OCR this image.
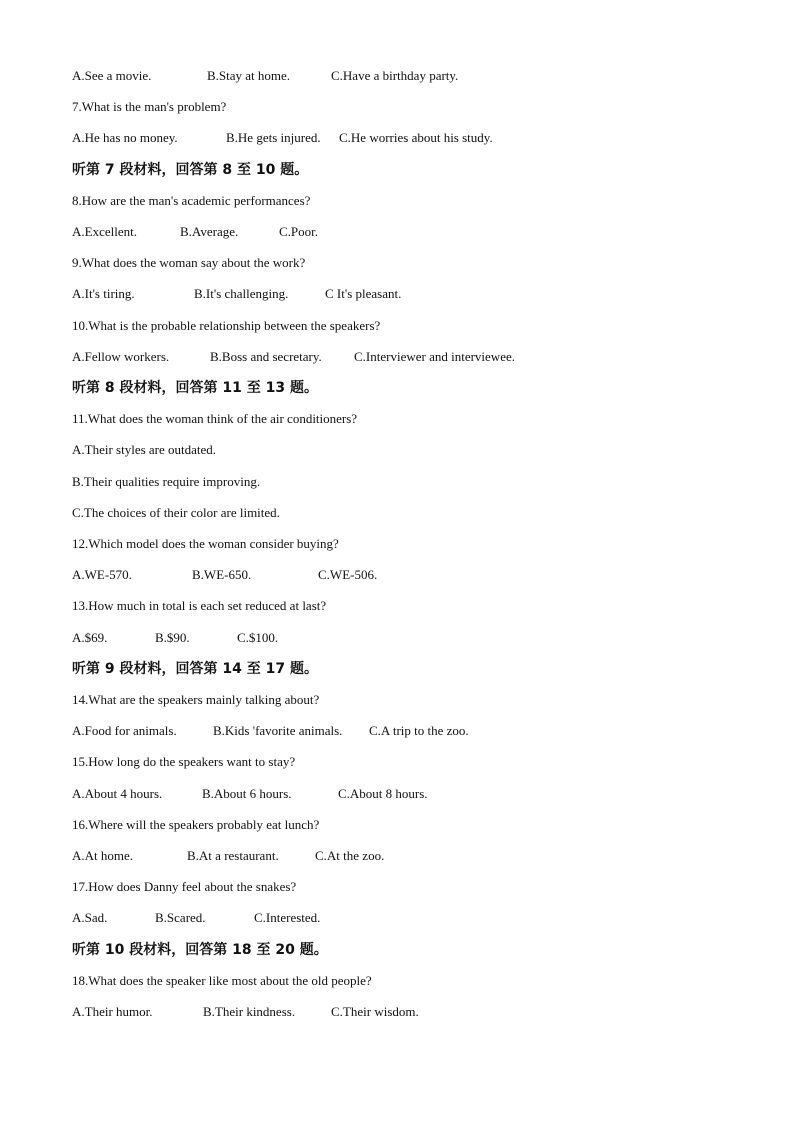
A.See a movie.	B.Stay at home.	C.Have a birthday party.
7.What is the man's problem?
A.He has no money.	B.He gets injured. C.He worries about his study.
听第 7 段材料，回答第 8 至 10 题。
8.How are the man's academic performances?
A.Excellent.	B.Average.	C.Poor.
9.What does the woman say about the work?
A.It's tiring.	B.It's challenging.	C It's pleasant.
10.What is the probable relationship between the speakers?
A.Fellow workers.	B.Boss and secretary. C.Interviewer and interviewee.
听第 8 段材料，回答第 11 至 13 题。
11.What does the woman think of the air conditioners?
A.Their styles are outdated.
B.Their qualities require improving.
C.The choices of their color are limited.
12.Which model does the woman consider buying?
A.WE-570.	B.WE-650.	C.WE-506.
13.How much in total is each set reduced at last?
A.$69.	B.$90.	C.$100.
听第 9 段材料，回答第 14 至 17 题。
14.What are the speakers mainly talking about?
A.Food for animals.	B.Kids 'favorite animals. C.A trip to the zoo.
15.How long do the speakers want to stay?
A.About 4 hours.	B.About 6 hours.	C.About 8 hours.
16.Where will the speakers probably eat lunch?
A.At home.	B.At a restaurant.	C.At the zoo.
17.How does Danny feel about the snakes?
A.Sad.	B.Scared.	C.Interested.
听第 10 段材料，回答第 18 至 20 题。
18.What does the speaker like most about the old people?
A.Their humor.	B.Their kindness.	C.Their wisdom.
